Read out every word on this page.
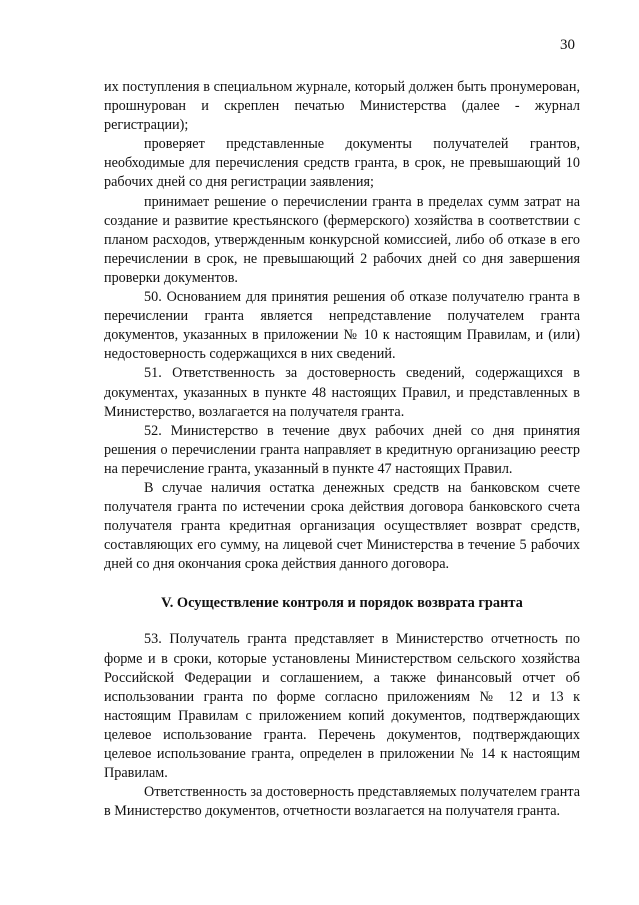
30

их поступления в специальном журнале, который должен быть пронумерован, прошнурован и скреплен печатью Министерства (далее - журнал регистрации);

проверяет представленные документы получателей грантов, необходимые для перечисления средств гранта, в срок, не превышающий 10 рабочих дней со дня регистрации заявления;

принимает решение о перечислении гранта в пределах сумм затрат на создание и развитие крестьянского (фермерского) хозяйства в соответствии с планом расходов, утвержденным конкурсной комиссией, либо об отказе в его перечислении в срок, не превышающий 2 рабочих дней со дня завершения проверки документов.

50. Основанием для принятия решения об отказе получателю гранта в перечислении гранта является непредставление получателем гранта документов, указанных в приложении № 10 к настоящим Правилам, и (или) недостоверность содержащихся в них сведений.

51. Ответственность за достоверность сведений, содержащихся в документах, указанных в пункте 48 настоящих Правил, и представленных в Министерство, возлагается на получателя гранта.

52. Министерство в течение двух рабочих дней со дня принятия решения о перечислении гранта направляет в кредитную организацию реестр на перечисление гранта, указанный в пункте 47 настоящих Правил.

В случае наличия остатка денежных средств на банковском счете получателя гранта по истечении срока действия договора банковского счета получателя гранта кредитная организация осуществляет возврат средств, составляющих его сумму, на лицевой счет Министерства в течение 5 рабочих дней со дня окончания срока действия данного договора.

V. Осуществление контроля и порядок возврата гранта

53. Получатель гранта представляет в Министерство отчетность по форме и в сроки, которые установлены Министерством сельского хозяйства Российской Федерации и соглашением, а также финансовый отчет об использовании гранта по форме согласно приложениям № 12 и 13 к настоящим Правилам с приложением копий документов, подтверждающих целевое использование гранта. Перечень документов, подтверждающих целевое использование гранта, определен в приложении № 14 к настоящим Правилам.

Ответственность за достоверность представляемых получателем гранта в Министерство документов, отчетности возлагается на получателя гранта.
